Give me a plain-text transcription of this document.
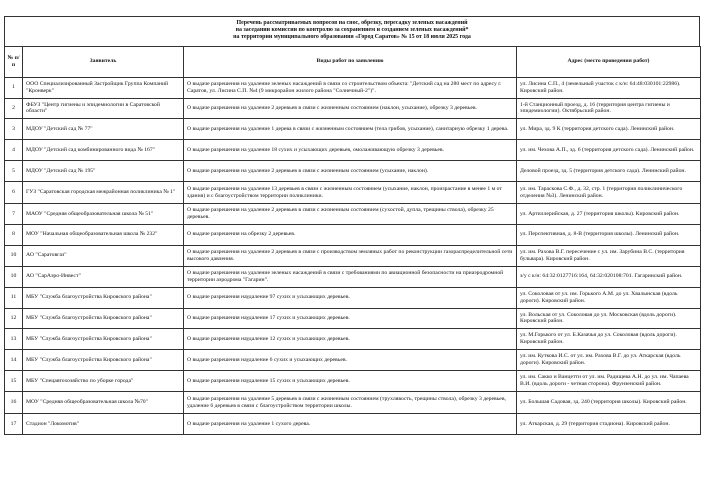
Перечень рассматриваемых вопросов на снос, обрезку, пересадку зеленых насаждений
на заседании комиссии по контролю за сохранением и созданием зеленых насаждений*
на территории муниципального образования «Город Саратов» № 15 от 18 июля 2025 года
№ п/п	Заявитель	Виды работ по заявлению	Адрес (место проведения работ)
1	ООО Специализированный Застройщик Группа Компаний "Кронверк"	О выдаче разрешения на удаление зеленых насаждений в связи со строительством объекта: "Детский сад на 280 мест по адресу г. Саратов, ул. Лисина С.П. №4 (9 микрорайон жилого района "Солнечный-2")".	ул. Лисина С.П., 4 (земельный участок с к/н: 64:48:030101:22986). Кировский район.
2	ФБУЗ "Центр гигиены и эпидемиологии в Саратовской области"	О выдаче разрешения на удаление 2 деревьев в связи с жизненным состоянием (наклон, усыхание), обрезку 3 деревьев.	1-й Станционный проезд, д. 16 (территория центра гигиены и эпидемиологии). Октябрьский район.
3	МДОУ "Детский сад № 77"	О выдаче разрешения на удаление 1 дерева в связи с жизненным состоянием (тела грибов, усыхание), санитарную обрезку 1 дерева.	ул. Мира, зд. 9 К (территория детского сада). Ленинский район.
4	МДОУ "Детский сад комбинированного вида № 167"	О выдаче разрешения на удаление 18 сухих и усыхающих деревьев, омолаживающую обрезку 3 деревьев.	ул. им. Чехова А.П., зд. 6 (территория детского сада). Ленинский район.
5	МДОУ "Детский сад № 195"	О выдаче разрешения на удаление 2 деревьев в связи с жизненным состоянием (усыхание, наклон).	Деловой проезд, зд. 5 (территория детского сада). Ленинский район.
6	ГУЗ "Саратовская городская межрайонная поликлиника № 1"	О выдаче разрешения на удаление 13 деревьев в связи с жизненным состоянием (усыхание, наклон, произрастание в менее 1 м от здания) и с благоустройством территории поликлиники.	ул. им. Тараскова С.Ф., д. 32, стр. 1 (территория поликлинического отделения №3). Ленинский район.
7	МАОУ "Средняя общеобразовательная школа № 51"	О выдаче разрешения на удаление 2 деревьев в связи с жизненным состоянием (сухостой, дупла, трещины ствола), обрезку 25 деревьев.	ул. Артиллерийская, д. 27 (территория школы). Кировский район.
8	МОУ "Начальная общеобразовательная школа № 232"	О выдаче разрешения на обрезку 2 деревьев.	ул. Перспективная, д. 8-В (территория школы). Ленинский район.
10	АО "Саратовгаз"	О выдаче разрешения на удаление 2 деревьев в связи с производством земляных работ по реконструкции газораспределительной сети высокого давления.	ул. им. Рахова В.Г. пересечение с ул. им. Зарубина В.С. (территория бульвара). Кировский район.
10	АО "СарАэро-Инвест"	О выдаче разрешения на удаление зеленых насаждений в связи с требованиями по авиационной безопасности на приаэродромной территории аэродрома "Гагарин".	з/у с к/н: 64:32:0127716:164, 64:32:020108:701. Гагаринский район.
11	МБУ "Служба благоустройства Кировского района"	О выдаче разрешения наудаление 97 сухих и усыхающих деревьев.	ул. Соколовая от ул. им. Горького А.М. до ул. Хвалынская (вдоль дороги). Кировский район.
12	МБУ "Служба благоустройства Кировского района"	О выдаче разрешения наудаление 17 сухих и усыхающих деревьев.	ул. Вольская от ул. Соколовая до ул. Московская (вдоль дороги). Кировский район.
13	МБУ "Служба благоустройства Кировского района"	О выдаче разрешения наудаление 12 сухих и усыхающих деревьев.	ул. М.Горького от ул. Б.Казачья до ул. Соколовая (вдоль дороги). Кировский район.
14	МБУ "Служба благоустройства Кировского района"	О выдаче разрешения наудаление 6 сухих и усыхающих деревьев.	ул. им. Куткова И.С. от ул. им. Рахова В.Г. до ул. Аткарская (вдоль дороги). Кировский район.
15	МБУ "Спецавтохозяйство по уборке города"	О выдаче разрешения наудаление 15 сухих и усыхающих деревьев.	ул. им. Сакко и Ванцетти от ул. им. Радищева А.Н. до ул. им. Чапаева В.И. (вдоль дороги - четная сторона). Фрунзенский район.
16	МОУ "Средняя общеобразовательная школа №70"	О выдаче разрешения на удаление 5 деревьев в связи с жизненным состоянием (трухлявость, трещины ствола), обрезку 3 деревьев, удаление 6 деревьев в связи с благоустройством территории школы.	ул. Большая Садовая, зд. 240 (территория школы). Кировский район.
17	Стадион "Локомотив"	О выдаче разрешения на удаление 1 сухого дерева.	ул. Аткарская, д. 29 (территория стадиона). Кировский район.
